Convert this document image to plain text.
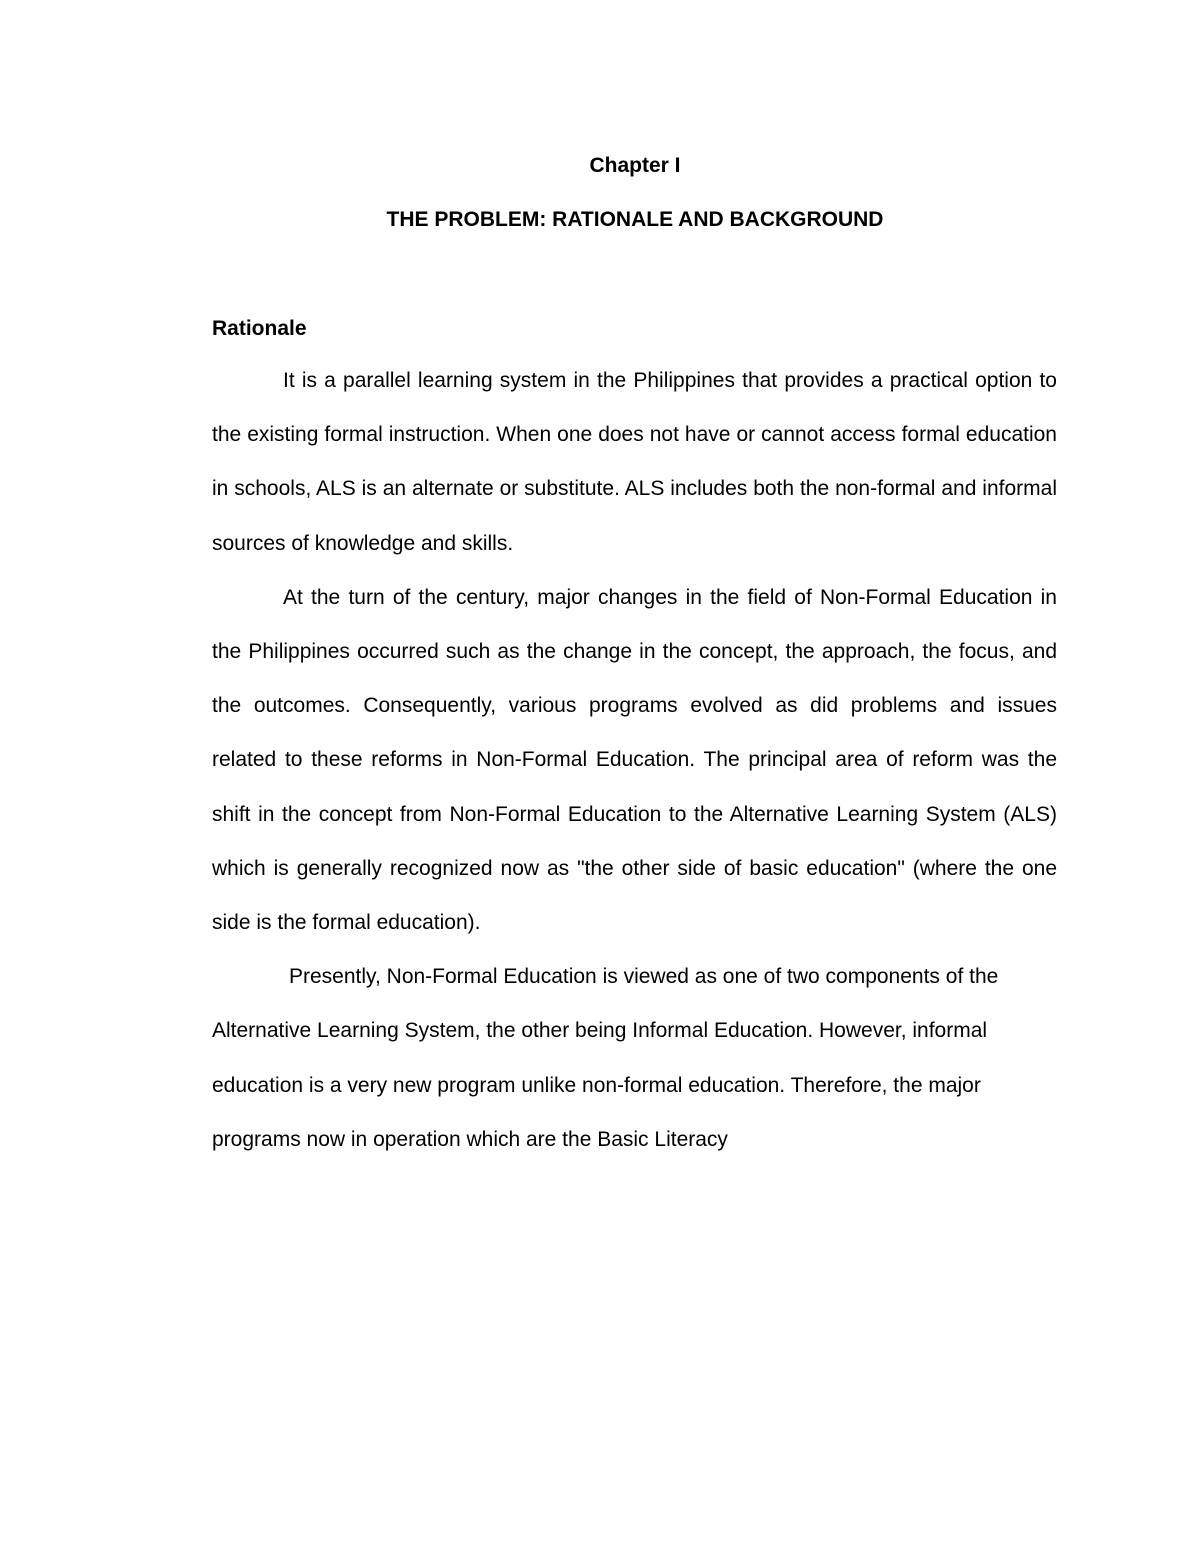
Chapter I
THE PROBLEM: RATIONALE AND BACKGROUND
Rationale

It is a parallel learning system in the Philippines that provides a practical option to the existing formal instruction. When one does not have or cannot access formal education in schools, ALS is an alternate or substitute. ALS includes both the non-formal and informal sources of knowledge and skills.

At the turn of the century, major changes in the field of Non-Formal Education in the Philippines occurred such as the change in the concept, the approach, the focus, and the outcomes. Consequently, various programs evolved as did problems and issues related to these reforms in Non-Formal Education. The principal area of reform was the shift in the concept from Non-Formal Education to the Alternative Learning System (ALS) which is generally recognized now as "the other side of basic education" (where the one side is the formal education).

Presently, Non-Formal Education is viewed as one of two components of the Alternative Learning System, the other being Informal Education. However, informal education is a very new program unlike non-formal education. Therefore, the major programs now in operation which are the Basic Literacy
